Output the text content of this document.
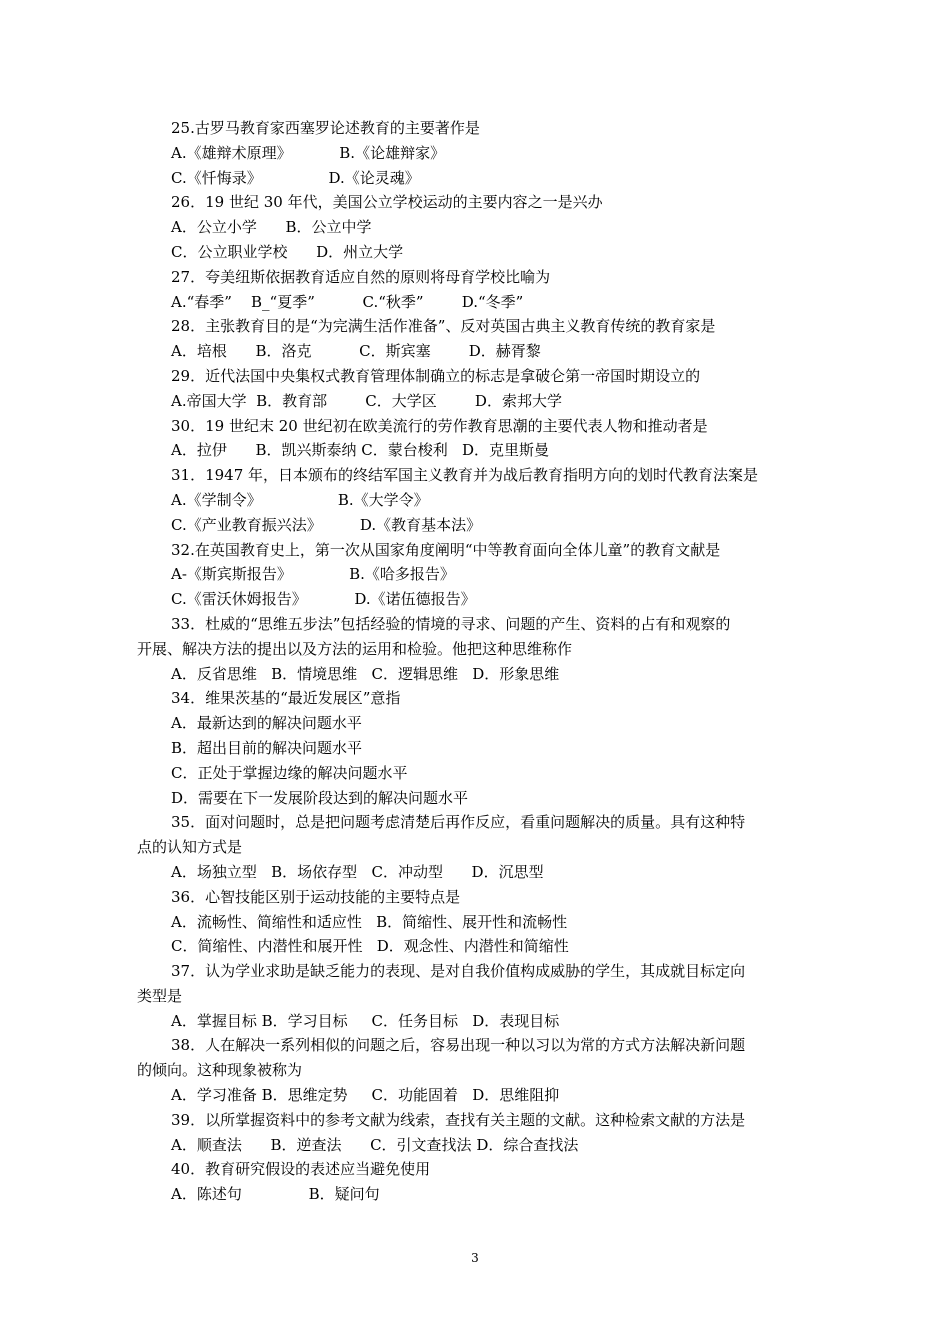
25.古罗马教育家西塞罗论述教育的主要著作是
A.《雄辩术原理》          B.《论雄辩家》
C.《忏悔录》              D.《论灵魂》
26．19 世纪 30 年代，美国公立学校运动的主要内容之一是兴办
A．公立小学      B．公立中学
C．公立职业学校      D．州立大学
27．夸美纽斯依据教育适应自然的原则将母育学校比喻为
A.“春季”    B_“夏季”          C.“秋季”        D.“冬季”
28．主张教育目的是“为完满生活作准备”、反对英国古典主义教育传统的教育家是
A．培根      B．洛克          C．斯宾塞        D．赫胥黎
29．近代法国中央集权式教育管理体制确立的标志是拿破仑第一帝国时期设立的
A.帝国大学  B．教育部        C．大学区        D．索邦大学
30．19 世纪末 20 世纪初在欧美流行的劳作教育思潮的主要代表人物和推动者是
A．拉伊      B．凯兴斯泰纳 C．蒙台梭利   D．克里斯曼
31．1947 年，日本颁布的终结军国主义教育并为战后教育指明方向的划时代教育法案是
A.《学制令》                B.《大学令》
C.《产业教育振兴法》        D.《教育基本法》
32.在英国教育史上，第一次从国家角度阐明“中等教育面向全体儿童”的教育文献是
A-《斯宾斯报告》            B.《哈多报告》
C.《雷沃休姆报告》          D.《诺伍德报告》
33．杜威的“思维五步法”包括经验的情境的寻求、问题的产生、资料的占有和观察的
开展、解决方法的提出以及方法的运用和检验。他把这种思维称作
A．反省思维   B．情境思维   C．逻辑思维   D．形象思维
34．维果茨基的“最近发展区”意指
A．最新达到的解决问题水平
B．超出目前的解决问题水平
C．正处于掌握边缘的解决问题水平
D．需要在下一发展阶段达到的解决问题水平
35．面对问题时，总是把问题考虑清楚后再作反应，看重问题解决的质量。具有这种特
点的认知方式是
A．场独立型   B．场依存型   C．冲动型      D．沉思型
36．心智技能区别于运动技能的主要特点是
A．流畅性、简缩性和适应性   B．简缩性、展开性和流畅性
C．简缩性、内潜性和展开性   D．观念性、内潜性和简缩性
37．认为学业求助是缺乏能力的表现、是对自我价值构成威胁的学生，其成就目标定向
类型是
A．掌握目标 B．学习目标     C．任务目标   D．表现目标
38．人在解决一系列相似的问题之后，容易出现一种以习以为常的方式方法解决新问题
的倾向。这种现象被称为
A．学习准备 B．思维定势     C．功能固着   D．思维阻抑
39．以所掌握资料中的参考文献为线索，查找有关主题的文献。这种检索文献的方法是
A．顺查法      B．逆查法      C．引文查找法 D．综合查找法
40．教育研究假设的表述应当避免使用
A．陈述句              B．疑问句
3
